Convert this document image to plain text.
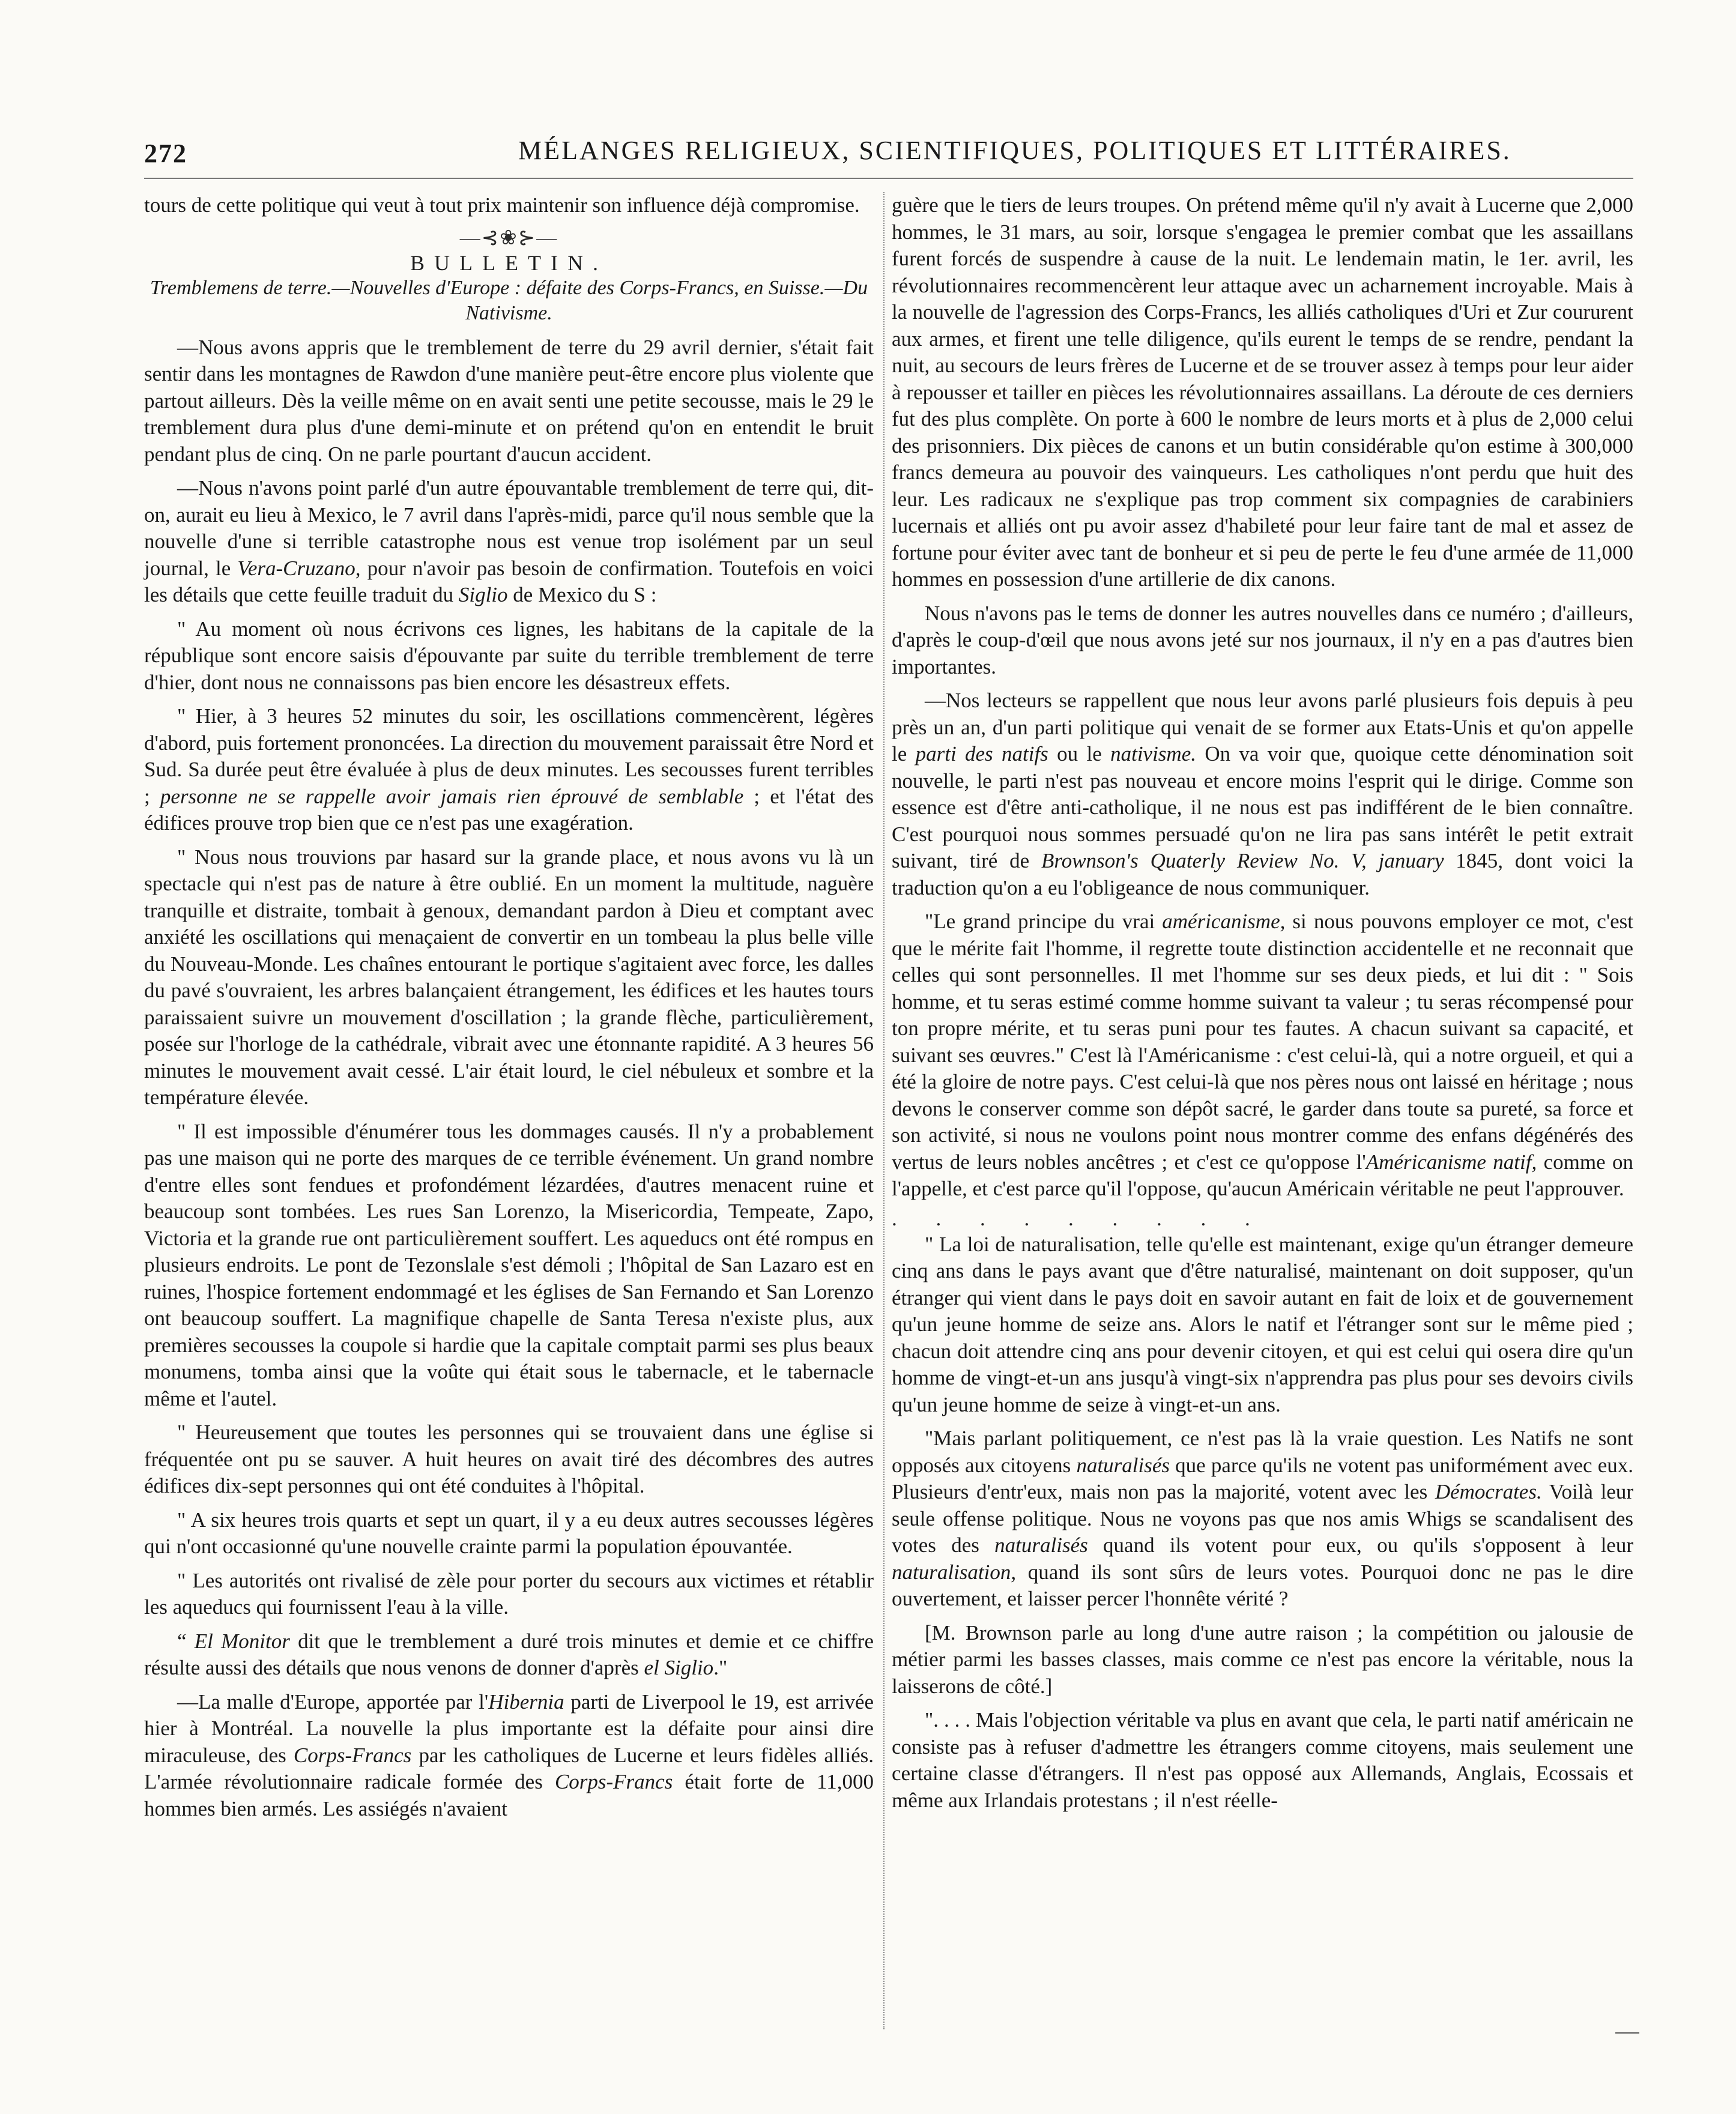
272	MÉLANGES RELIGIEUX, SCIENTIFIQUES, POLITIQUES ET LITTÉRAIRES.

tours de cette politique qui veut à tout prix maintenir son influence déjà compromise.

—⊰❀⊱—
BULLETIN.
Tremblemens de terre.—Nouvelles d'Europe : défaite des Corps-Francs, en Suisse.—Du Nativisme.

—Nous avons appris que le tremblement de terre du 29 avril dernier, s'était fait sentir dans les montagnes de Rawdon d'une manière peut-être encore plus violente que partout ailleurs. Dès la veille même on en avait senti une petite secousse, mais le 29 le tremblement dura plus d'une demi-minute et on prétend qu'on en entendit le bruit pendant plus de cinq. On ne parle pourtant d'aucun accident.

—Nous n'avons point parlé d'un autre épouvantable tremblement de terre qui, dit-on, aurait eu lieu à Mexico, le 7 avril dans l'après-midi, parce qu'il nous semble que la nouvelle d'une si terrible catastrophe nous est venue trop isolément par un seul journal, le Vera-Cruzano, pour n'avoir pas besoin de confirmation. Toutefois en voici les détails que cette feuille traduit du Siglio de Mexico du S :

" Au moment où nous écrivons ces lignes, les habitans de la capitale de la république sont encore saisis d'épouvante par suite du terrible tremblement de terre d'hier, dont nous ne connaissons pas bien encore les désastreux effets.

" Hier, à 3 heures 52 minutes du soir, les oscillations commencèrent, légères d'abord, puis fortement prononcées. La direction du mouvement paraissait être Nord et Sud. Sa durée peut être évaluée à plus de deux minutes. Les secousses furent terribles ; personne ne se rappelle avoir jamais rien éprouvé de semblable ; et l'état des édifices prouve trop bien que ce n'est pas une exagération.

" Nous nous trouvions par hasard sur la grande place, et nous avons vu là un spectacle qui n'est pas de nature à être oublié. En un moment la multitude, naguère tranquille et distraite, tombait à genoux, demandant pardon à Dieu et comptant avec anxiété les oscillations qui menaçaient de convertir en un tombeau la plus belle ville du Nouveau-Monde. Les chaînes entourant le portique s'agitaient avec force, les dalles du pavé s'ouvraient, les arbres balançaient étrangement, les édifices et les hautes tours paraissaient suivre un mouvement d'oscillation ; la grande flèche, particulièrement, posée sur l'horloge de la cathédrale, vibrait avec une étonnante rapidité. A 3 heures 56 minutes le mouvement avait cessé. L'air était lourd, le ciel nébuleux et sombre et la température élevée.

" Il est impossible d'énumérer tous les dommages causés. Il n'y a probablement pas une maison qui ne porte des marques de ce terrible événement. Un grand nombre d'entre elles sont fendues et profondément lézardées, d'autres menacent ruine et beaucoup sont tombées. Les rues San Lorenzo, la Misericordia, Tempeate, Zapo, Victoria et la grande rue ont particulièrement souffert. Les aqueducs ont été rompus en plusieurs endroits. Le pont de Tezonslale s'est démoli ; l'hôpital de San Lazaro est en ruines, l'hospice fortement endommagé et les églises de San Fernando et San Lorenzo ont beaucoup souffert. La magnifique chapelle de Santa Teresa n'existe plus, aux premières secousses la coupole si hardie que la capitale comptait parmi ses plus beaux monumens, tomba ainsi que la voûte qui était sous le tabernacle, et le tabernacle même et l'autel.

" Heureusement que toutes les personnes qui se trouvaient dans une église si fréquentée ont pu se sauver. A huit heures on avait tiré des décombres des autres édifices dix-sept personnes qui ont été conduites à l'hôpital.

" A six heures trois quarts et sept un quart, il y a eu deux autres secousses légères qui n'ont occasionné qu'une nouvelle crainte parmi la population épouvantée.

" Les autorités ont rivalisé de zèle pour porter du secours aux victimes et rétablir les aqueducs qui fournissent l'eau à la ville.

“ El Monitor dit que le tremblement a duré trois minutes et demie et ce chiffre résulte aussi des détails que nous venons de donner d'après el Siglio."

—La malle d'Europe, apportée par l'Hibernia parti de Liverpool le 19, est arrivée hier à Montréal. La nouvelle la plus importante est la défaite pour ainsi dire miraculeuse, des Corps-Francs par les catholiques de Lucerne et leurs fidèles alliés. L'armée révolutionnaire radicale formée des Corps-Francs était forte de 11,000 hommes bien armés. Les assiégés n'avaient

guère que le tiers de leurs troupes. On prétend même qu'il n'y avait à Lucerne que 2,000 hommes, le 31 mars, au soir, lorsque s'engagea le premier combat que les assaillans furent forcés de suspendre à cause de la nuit. Le lendemain matin, le 1er. avril, les révolutionnaires recommencèrent leur attaque avec un acharnement incroyable. Mais à la nouvelle de l'agression des Corps-Francs, les alliés catholiques d'Uri et Zur coururent aux armes, et firent une telle diligence, qu'ils eurent le temps de se rendre, pendant la nuit, au secours de leurs frères de Lucerne et de se trouver assez à temps pour leur aider à repousser et tailler en pièces les révolutionnaires assaillans. La déroute de ces derniers fut des plus complète. On porte à 600 le nombre de leurs morts et à plus de 2,000 celui des prisonniers. Dix pièces de canons et un butin considérable qu'on estime à 300,000 francs demeura au pouvoir des vainqueurs. Les catholiques n'ont perdu que huit des leur. Les radicaux ne s'explique pas trop comment six compagnies de carabiniers lucernais et alliés ont pu avoir assez d'habileté pour leur faire tant de mal et assez de fortune pour éviter avec tant de bonheur et si peu de perte le feu d'une armée de 11,000 hommes en possession d'une artillerie de dix canons.

Nous n'avons pas le tems de donner les autres nouvelles dans ce numéro ; d'ailleurs, d'après le coup-d'œil que nous avons jeté sur nos journaux, il n'y en a pas d'autres bien importantes.

—Nos lecteurs se rappellent que nous leur avons parlé plusieurs fois depuis à peu près un an, d'un parti politique qui venait de se former aux Etats-Unis et qu'on appelle le parti des natifs ou le nativisme. On va voir que, quoique cette dénomination soit nouvelle, le parti n'est pas nouveau et encore moins l'esprit qui le dirige. Comme son essence est d'être anti-catholique, il ne nous est pas indifférent de le bien connaître. C'est pourquoi nous sommes persuadé qu'on ne lira pas sans intérêt le petit extrait suivant, tiré de Brownson's Quaterly Review No. V, january 1845, dont voici la traduction qu'on a eu l'obligeance de nous communiquer.

"Le grand principe du vrai américanisme, si nous pouvons employer ce mot, c'est que le mérite fait l'homme, il regrette toute distinction accidentelle et ne reconnait que celles qui sont personnelles. Il met l'homme sur ses deux pieds, et lui dit : " Sois homme, et tu seras estimé comme homme suivant ta valeur ; tu seras récompensé pour ton propre mérite, et tu seras puni pour tes fautes. A chacun suivant sa capacité, et suivant ses œuvres." C'est là l'Américanisme : c'est celui-là, qui a notre orgueil, et qui a été la gloire de notre pays. C'est celui-là que nos pères nous ont laissé en héritage ; nous devons le conserver comme son dépôt sacré, le garder dans toute sa pureté, sa force et son activité, si nous ne voulons point nous montrer comme des enfans dégénérés des vertus de leurs nobles ancêtres ; et c'est ce qu'oppose l'Américanisme natif, comme on l'appelle, et c'est parce qu'il l'oppose, qu'aucun Américain véritable ne peut l'approuver.

. . . . . . . . .

" La loi de naturalisation, telle qu'elle est maintenant, exige qu'un étranger demeure cinq ans dans le pays avant que d'être naturalisé, maintenant on doit supposer, qu'un étranger qui vient dans le pays doit en savoir autant en fait de loix et de gouvernement qu'un jeune homme de seize ans. Alors le natif et l'étranger sont sur le même pied ; chacun doit attendre cinq ans pour devenir citoyen, et qui est celui qui osera dire qu'un homme de vingt-et-un ans jusqu'à vingt-six n'apprendra pas plus pour ses devoirs civils qu'un jeune homme de seize à vingt-et-un ans.

"Mais parlant politiquement, ce n'est pas là la vraie question. Les Natifs ne sont opposés aux citoyens naturalisés que parce qu'ils ne votent pas uniformément avec eux. Plusieurs d'entr'eux, mais non pas la majorité, votent avec les Démocrates. Voilà leur seule offense politique. Nous ne voyons pas que nos amis Whigs se scandalisent des votes des naturalisés quand ils votent pour eux, ou qu'ils s'opposent à leur naturalisation, quand ils sont sûrs de leurs votes. Pourquoi donc ne pas le dire ouvertement, et laisser percer l'honnête vérité ?

[M. Brownson parle au long d'une autre raison ; la compétition ou jalousie de métier parmi les basses classes, mais comme ce n'est pas encore la véritable, nous la laisserons de côté.]

". . . . Mais l'objection véritable va plus en avant que cela, le parti natif américain ne consiste pas à refuser d'admettre les étrangers comme citoyens, mais seulement une certaine classe d'étrangers. Il n'est pas opposé aux Allemands, Anglais, Ecossais et même aux Irlandais protestans ; il n'est réelle-
